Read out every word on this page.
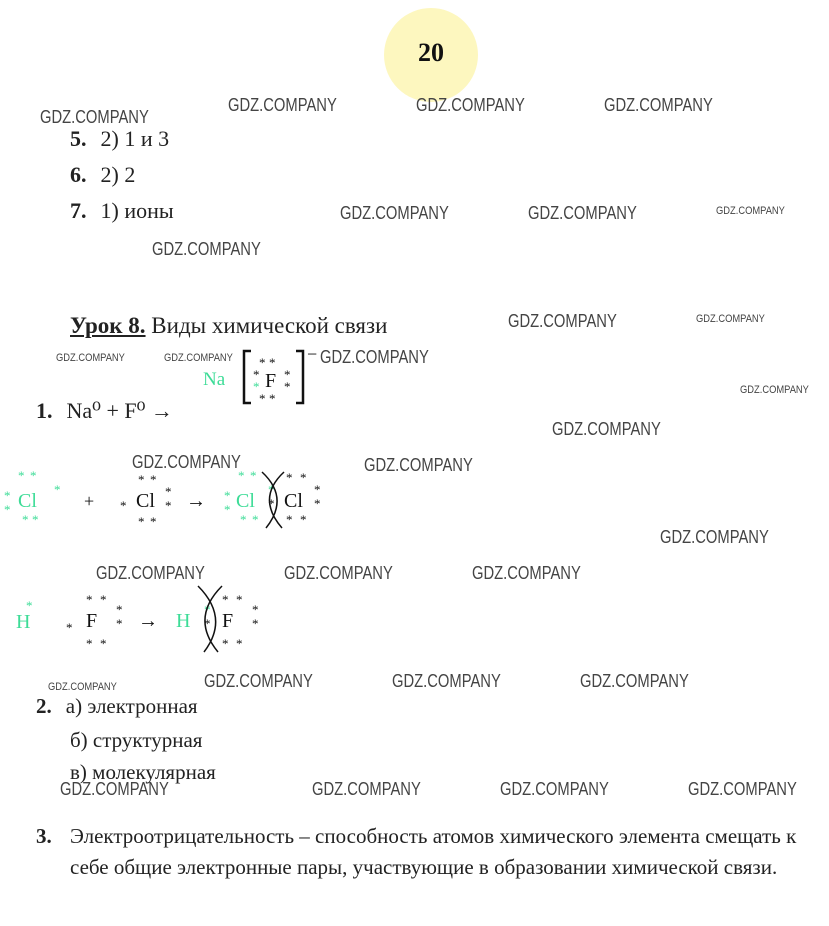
20
GDZ.COMPANY
GDZ.COMPANY	GDZ.COMPANY	GDZ.COMPANY
GDZ.COMPANY	GDZ.COMPANY	GDZ.COMPANY
GDZ.COMPANY
GDZ.COMPANY	GDZ.COMPANY
GDZ.COMPANY	GDZ.COMPANY	GDZ.COMPANY
GDZ.COMPANY
GDZ.COMPANY
GDZ.COMPANY	GDZ.COMPANY
GDZ.COMPANY
GDZ.COMPANY	GDZ.COMPANY	GDZ.COMPANY
GDZ.COMPANY	GDZ.COMPANY	GDZ.COMPANY	GDZ.COMPANY
GDZ.COMPANY	GDZ.COMPANY	GDZ.COMPANY	GDZ.COMPANY
5. 2) 1 и 3
6. 2) 2
7. 1) ионы
Урок 8. Виды химической связи
1. Na⁰ + F⁰ →
Na
−
F
* *
*
*
* *
*
*
* *
*
*
* *
*
Cl	+ Cl
* *
*
*
* *
*	→
* *
*
*
* *
Cl
*
* Cl
* *
*
*
* *
H
*
F
* *
*
*
* *
*	→ H
*
* F
* *
*
*
* *
2. а) электронная
б) структурная
в) молекулярная
3. Электроотрицательность – способность атомов химического элемента смещать к себе общие электронные пары, участвующие в образовании химической связи.
